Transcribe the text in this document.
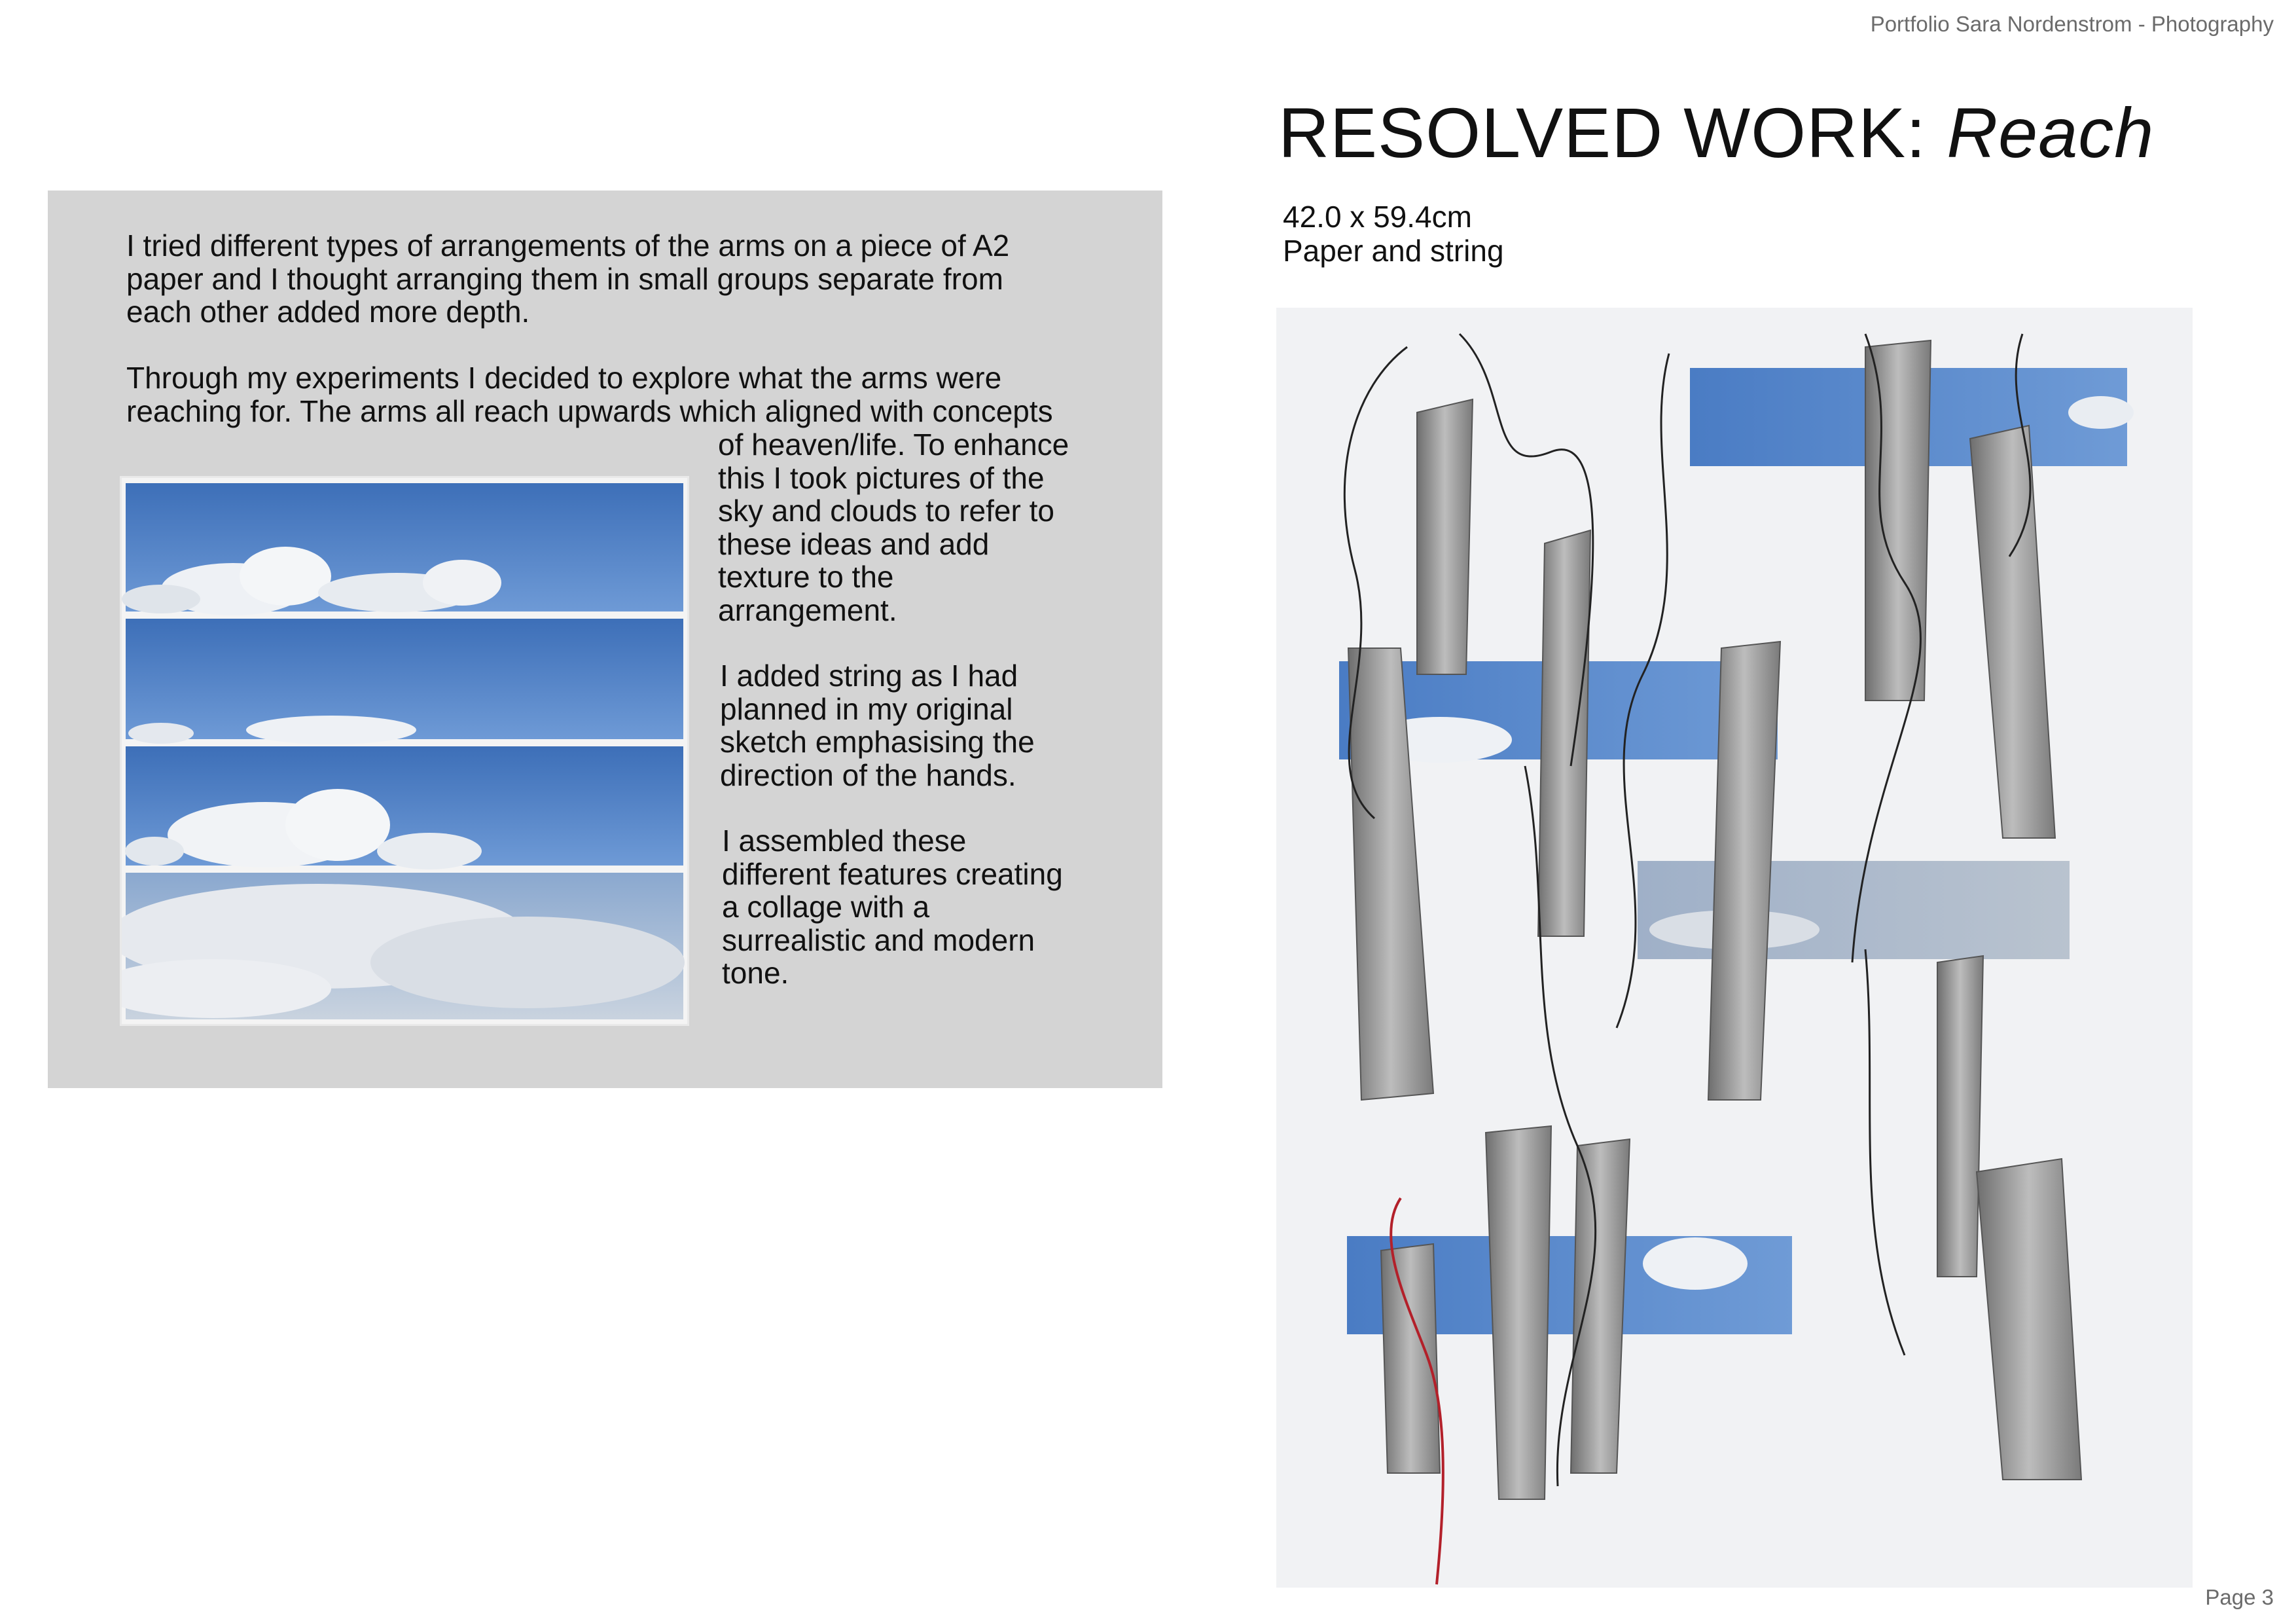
Portfolio Sara Nordenstrom - Photography
RESOLVED WORK: Reach
42.0 x 59.4cm
Paper and string
I tried different types of arrangements of the arms on a piece of A2
paper and I thought arranging them in small groups separate from
each other added more depth.
Through my experiments I decided to explore what the arms were
reaching for. The arms all reach upwards which aligned with concepts
of heaven/life. To enhance
this I took pictures of the
sky and clouds to refer to
these ideas and add
texture to the
arrangement.
I added string as I had
planned in my original
sketch emphasising the
direction of the hands.
I assembled these
different features creating
a collage with a
surrealistic and modern
tone.
Page 3
